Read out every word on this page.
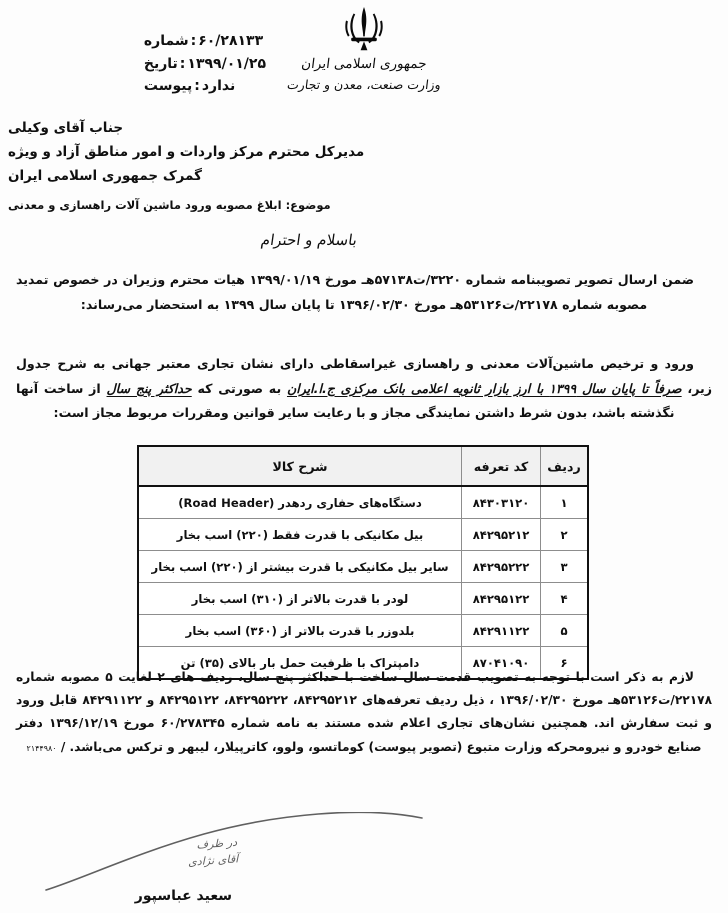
جمهوری اسلامی ایران
وزارت صنعت، معدن و تجارت
۶۰/۲۸۱۳۳:شماره
۱۳۹۹/۰۱/۲۵:تاریخ
ندارد:پیوست
جناب آقای وکیلی
مدیرکل محترم مرکز واردات و امور مناطق آزاد و ویژه
گمرک جمهوری اسلامی ایران
موضوع: ابلاغ مصوبه ورود ماشین آلات راهسازی و معدنی
باسلام و احترام

ضمن ارسال تصویر تصویبنامه شماره ۳۲۲۰/ت۵۷۱۳۸هـ مورخ ۱۳۹۹/۰۱/۱۹ هیات محترم وزیران در خصوص تمدید مصوبه شماره ۲۲۱۷۸/ت۵۳۱۲۶هـ مورخ ۱۳۹۶/۰۲/۳۰ تا پایان سال ۱۳۹۹ به استحضار می‌رساند:

ورود و ترخیص ماشین‌آلات معدنی و راهسازی غیراسقاطی دارای نشان تجاری معتبر جهانی به شرح جدول زیر، صرفاً تا پایان سال ۱۳۹۹ با ارز بازار ثانویه اعلامی بانک مرکزی ج.ا.ایران به صورتی که حداکثر پنج سال از ساخت آنها نگذشته باشد، بدون شرط داشتن نمایندگی مجاز و با رعایت سایر قوانین ومقررات مربوط مجاز است:

ردیف	کد تعرفه	شرح کالا
۱	۸۴۳۰۳۱۲۰	دستگاه‌های حفاری ردهدر (Road Header)
۲	۸۴۲۹۵۲۱۲	بیل مکانیکی با قدرت فقط (۲۲۰) اسب بخار
۳	۸۴۲۹۵۲۲۲	سایر بیل مکانیکی با قدرت بیشتر از (۲۲۰) اسب بخار
۴	۸۴۲۹۵۱۲۲	لودر با قدرت بالاتر از (۳۱۰) اسب بخار
۵	۸۴۲۹۱۱۲۲	بلدوزر با قدرت بالاتر از (۳۶۰) اسب بخار
۶	۸۷۰۴۱۰۹۰	دامپتراک با ظرفیت حمل بار بالای (۳۵) تن

لازم به ذکر است با توجه به تصویب قدمت سال ساخت با حداکثر پنج سال، ردیف های ۲ لغایت ۵ مصوبه شماره ۲۲۱۷۸/ت۵۳۱۲۶هـ مورخ ۱۳۹۶/۰۲/۳۰ ، ذیل ردیف تعرفه‌های ۸۴۲۹۵۲۱۲، ۸۴۲۹۵۲۲۲، ۸۴۲۹۵۱۲۲ و ۸۴۲۹۱۱۲۲ قابل ورود و ثبت سفارش اند. همچنین نشان‌های تجاری اعلام شده مستند به نامه شماره ۶۰/۲۷۸۳۴۵ مورخ ۱۳۹۶/۱۲/۱۹ دفتر صنایع خودرو و نیرومحرکه وزارت متبوع (تصویر پیوست) کوماتسو، ولوو، کاترپیلار، لیبهر و ترکس می‌باشد. / ۲۱۴۴۹۸۰

در ظرف
آقای نژادی
سعید عباسپور
